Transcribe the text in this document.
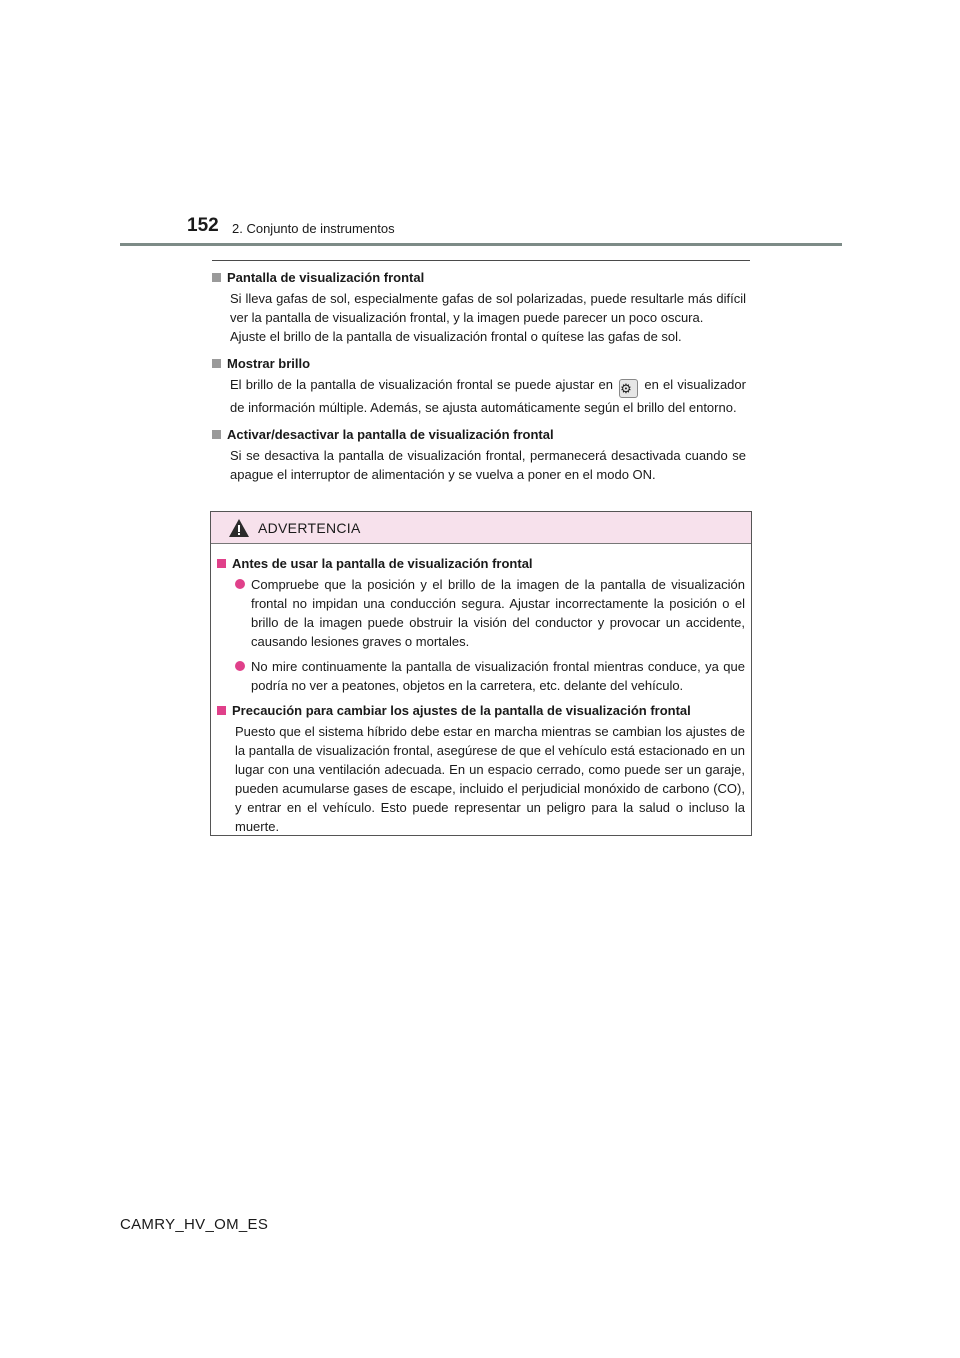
152 2. Conjunto de instrumentos
Pantalla de visualización frontal
Si lleva gafas de sol, especialmente gafas de sol polarizadas, puede resultarle más difícil ver la pantalla de visualización frontal, y la imagen puede parecer un poco oscura.
Ajuste el brillo de la pantalla de visualización frontal o quítese las gafas de sol.
Mostrar brillo
El brillo de la pantalla de visualización frontal se puede ajustar en ⚙ en el visualizador de información múltiple. Además, se ajusta automáticamente según el brillo del entorno.
Activar/desactivar la pantalla de visualización frontal
Si se desactiva la pantalla de visualización frontal, permanecerá desactivada cuando se apague el interruptor de alimentación y se vuelva a poner en el modo ON.
ADVERTENCIA
Antes de usar la pantalla de visualización frontal
Compruebe que la posición y el brillo de la imagen de la pantalla de visualización frontal no impidan una conducción segura. Ajustar incorrectamente la posición o el brillo de la imagen puede obstruir la visión del conductor y provocar un accidente, causando lesiones graves o mortales.
No mire continuamente la pantalla de visualización frontal mientras conduce, ya que podría no ver a peatones, objetos en la carretera, etc. delante del vehículo.
Precaución para cambiar los ajustes de la pantalla de visualización frontal
Puesto que el sistema híbrido debe estar en marcha mientras se cambian los ajustes de la pantalla de visualización frontal, asegúrese de que el vehículo está estacionado en un lugar con una ventilación adecuada. En un espacio cerrado, como puede ser un garaje, pueden acumularse gases de escape, incluido el perjudicial monóxido de carbono (CO), y entrar en el vehículo. Esto puede representar un peligro para la salud o incluso la muerte.
CAMRY_HV_OM_ES
